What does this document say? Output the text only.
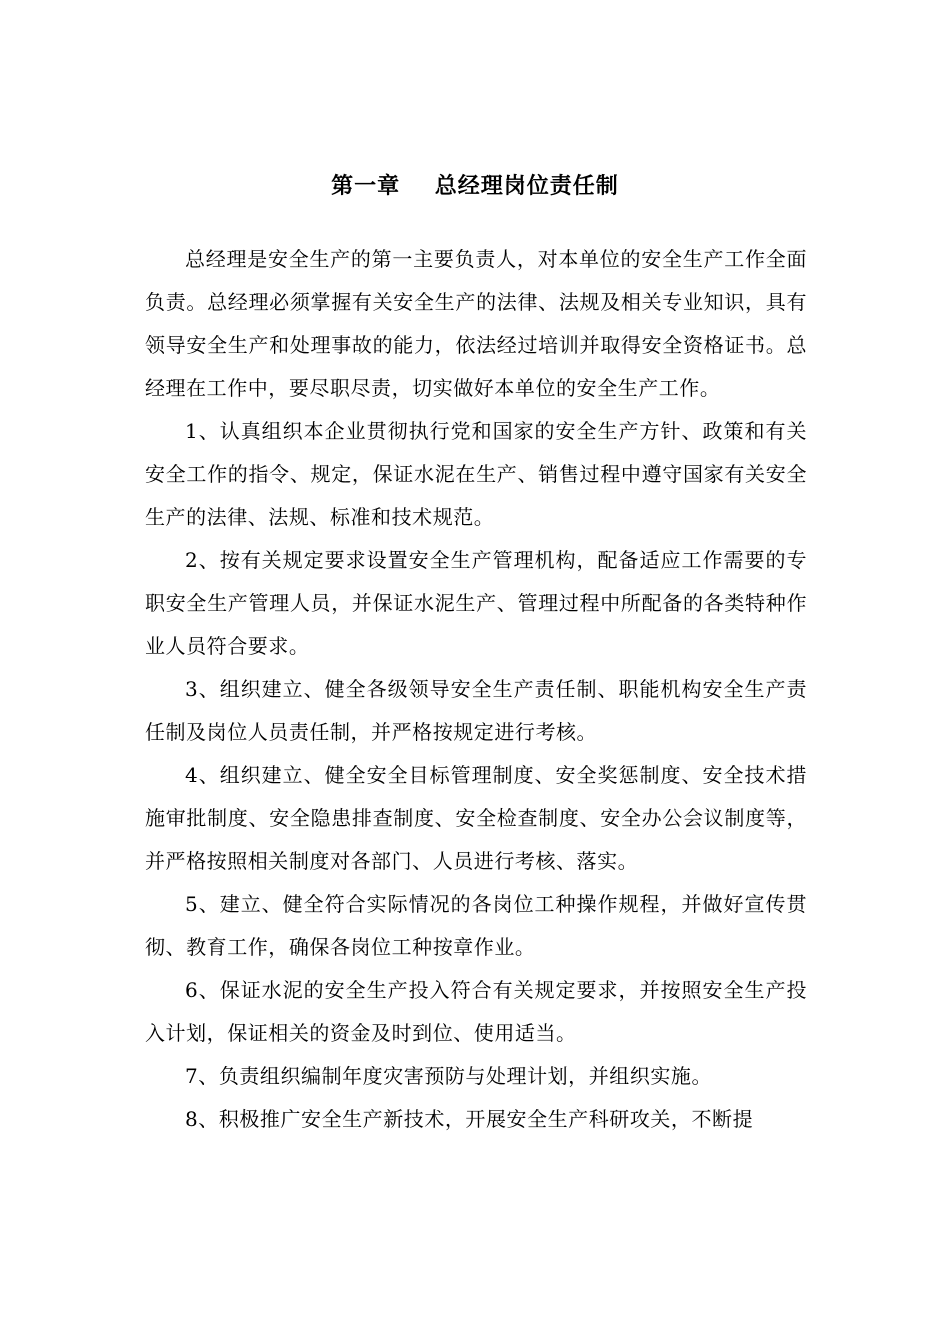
第一章    总经理岗位责任制

总经理是安全生产的第一主要负责人，对本单位的安全生产工作全面负责。总经理必须掌握有关安全生产的法律、法规及相关专业知识，具有领导安全生产和处理事故的能力，依法经过培训并取得安全资格证书。总经理在工作中，要尽职尽责，切实做好本单位的安全生产工作。

1、认真组织本企业贯彻执行党和国家的安全生产方针、政策和有关安全工作的指令、规定，保证水泥在生产、销售过程中遵守国家有关安全生产的法律、法规、标准和技术规范。

2、按有关规定要求设置安全生产管理机构，配备适应工作需要的专职安全生产管理人员，并保证水泥生产、管理过程中所配备的各类特种作业人员符合要求。

3、组织建立、健全各级领导安全生产责任制、职能机构安全生产责任制及岗位人员责任制，并严格按规定进行考核。

4、组织建立、健全安全目标管理制度、安全奖惩制度、安全技术措施审批制度、安全隐患排查制度、安全检查制度、安全办公会议制度等，并严格按照相关制度对各部门、人员进行考核、落实。

5、建立、健全符合实际情况的各岗位工种操作规程，并做好宣传贯彻、教育工作，确保各岗位工种按章作业。

6、保证水泥的安全生产投入符合有关规定要求，并按照安全生产投入计划，保证相关的资金及时到位、使用适当。

7、负责组织编制年度灾害预防与处理计划，并组织实施。

8、积极推广安全生产新技术，开展安全生产科研攻关，不断提
